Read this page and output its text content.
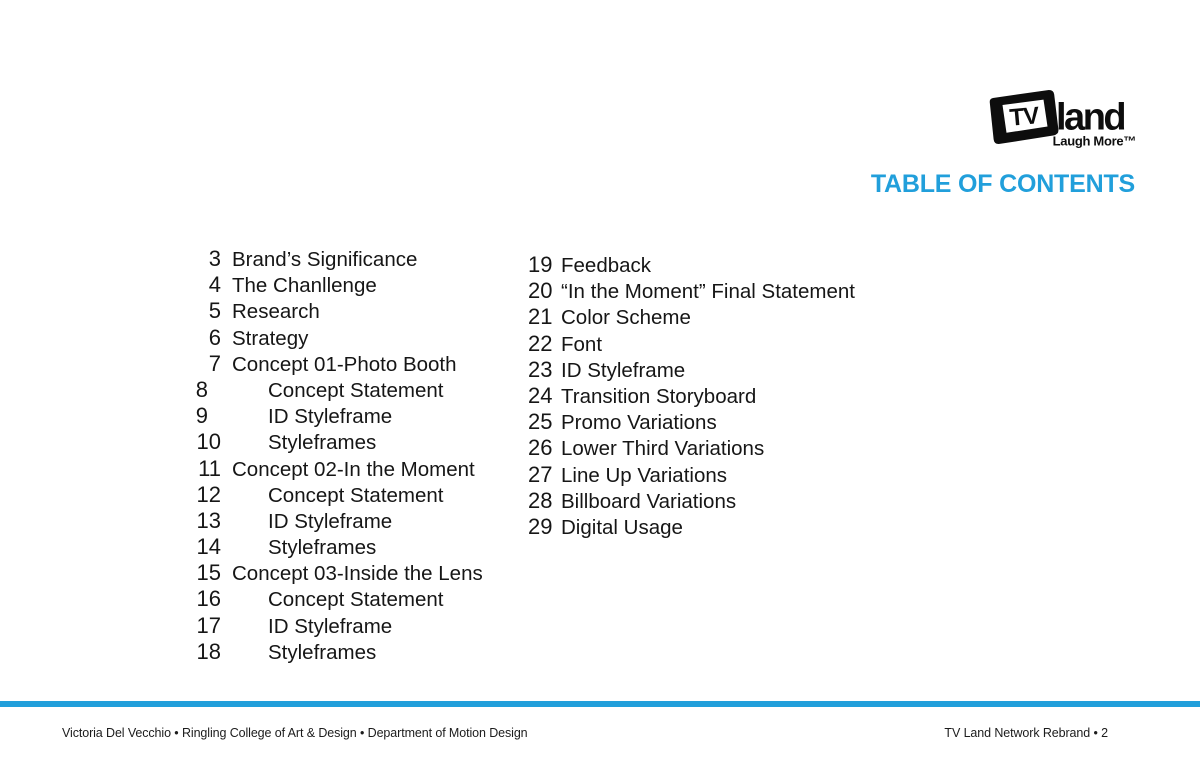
TV land
Laugh More™
TABLE OF CONTENTS
3 Brand’s Significance
4 The Chanllenge
5 Research
6 Strategy
7 Concept 01-Photo Booth
8	Concept Statement
9	ID Styleframe
10 Styleframes
11 Concept 02-In the Moment
12 Concept Statement
13 ID Styleframe
14 Styleframes
15 Concept 03-Inside the Lens
16 Concept Statement
17 ID Styleframe
18 Styleframes
19 Feedback
20 “In the Moment” Final Statement
21 Color Scheme
22 Font
23 ID Styleframe
24 Transition Storyboard
25 Promo Variations
26 Lower Third Variations
27 Line Up Variations
28 Billboard Variations
29 Digital Usage
Victoria Del Vecchio • Ringling College of Art & Design • Department of Motion Design	TV Land Network Rebrand • 2
